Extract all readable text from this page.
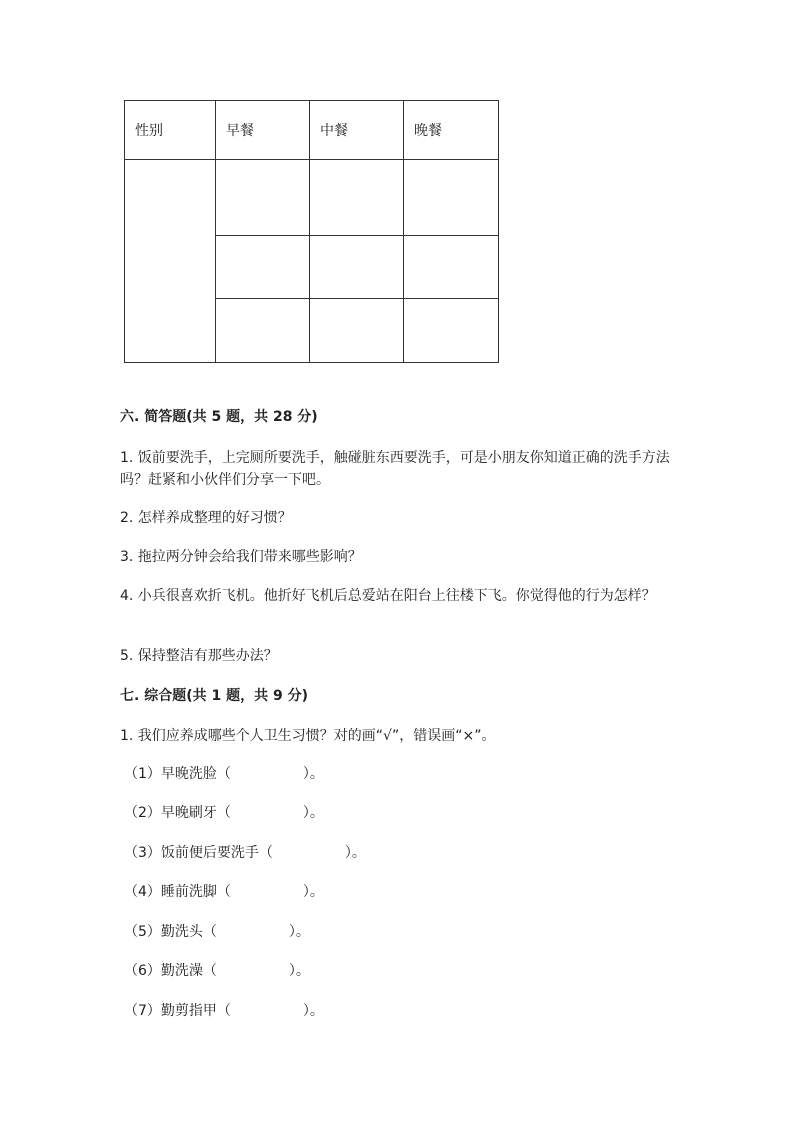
性别	早餐	中餐	晚餐

六. 简答题(共 5 题，共 28 分)
1. 饭前要洗手，上完厕所要洗手，触碰脏东西要洗手，可是小朋友你知道正确的洗手方法吗？赶紧和小伙伴们分享一下吧。
2. 怎样养成整理的好习惯？
3. 拖拉两分钟会给我们带来哪些影响？
4. 小兵很喜欢折飞机。他折好飞机后总爱站在阳台上往楼下飞。你觉得他的行为怎样？
5. 保持整洁有那些办法？
七. 综合题(共 1 题，共 9 分)
1. 我们应养成哪些个人卫生习惯？对的画“√”，错误画“×”。
（1）早晚洗脸（	）。
（2）早晚刷牙（	）。
（3）饭前便后要洗手（	）。
（4）睡前洗脚（	）。
（5）勤洗头（	）。
（6）勤洗澡（	）。
（7）勤剪指甲（	）。
